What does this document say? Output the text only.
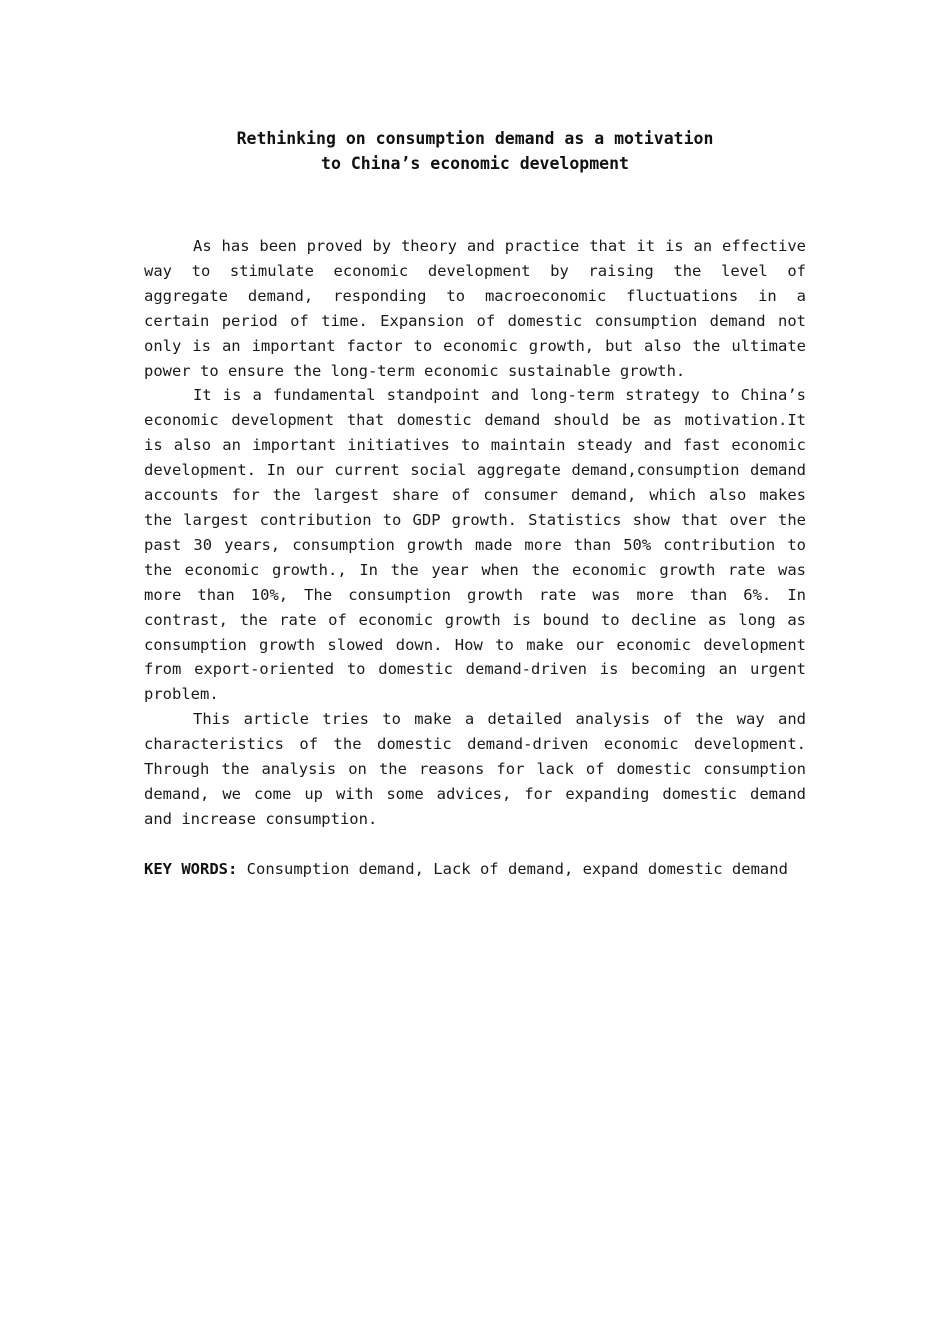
Rethinking on consumption demand as a motivation
to China’s economic development

As has been proved by theory and practice that it is an effective way to stimulate economic development by raising the level of aggregate demand, responding to macroeconomic fluctuations in a certain period of time. Expansion of domestic consumption demand not only is an important factor to economic growth, but also the ultimate power to ensure the long-term economic sustainable growth.

It is a fundamental standpoint and long-term strategy to China’s economic development that domestic demand should be as motivation.It is also an important initiatives to maintain steady and fast economic development. In our current social aggregate demand,consumption demand accounts for the largest share of consumer demand, which also makes the largest contribution to GDP growth. Statistics show that over the past 30 years, consumption growth made more than 50% contribution to the economic growth., In the year when the economic growth rate was more than 10%, The consumption growth rate was more than 6%. In contrast, the rate of economic growth is bound to decline as long as consumption growth slowed down. How to make our economic development from export-oriented to domestic demand-driven is becoming an urgent problem.

This article tries to make a detailed analysis of the way and characteristics of the domestic demand-driven economic development. Through the analysis on the reasons for lack of domestic consumption demand, we come up with some advices, for expanding domestic demand and increase consumption.

KEY WORDS: Consumption demand, Lack of demand, expand domestic demand
